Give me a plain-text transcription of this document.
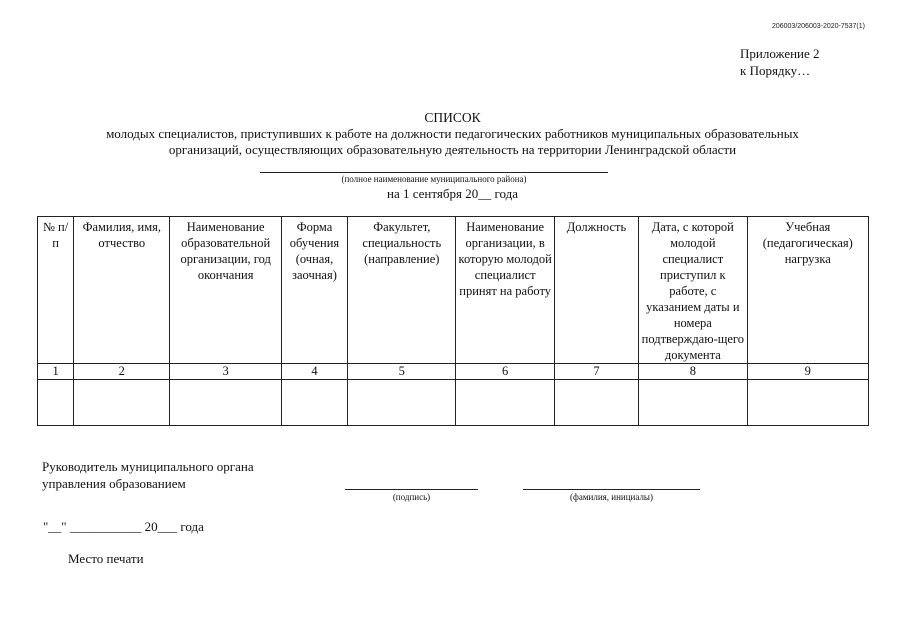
206003/206003-2020-7537(1)
Приложение 2
к Порядку…
СПИСОК
молодых специалистов, приступивших к работе на должности педагогических работников муниципальных образовательных
организаций, осуществляющих образовательную деятельность на территории Ленинградской области
(полное наименование муниципального района)
на 1 сентября 20__ года
№ п/п	Фамилия, имя, отчество	Наименование образовательной организации, год окончания	Форма обучения (очная, заочная)	Факультет, специальность (направление)	Наименование организации, в которую молодой специалист принят на работу	Должность	Дата, с которой молодой специалист приступил к работе, с указанием даты и номера подтверждаю-щего документа	Учебная (педагогическая) нагрузка
1	2	3	4	5	6	7	8	9

Руководитель муниципального органа
управления образованием
(подпись)	(фамилия, инициалы)
"__" ___________ 20___ года
Место печати
